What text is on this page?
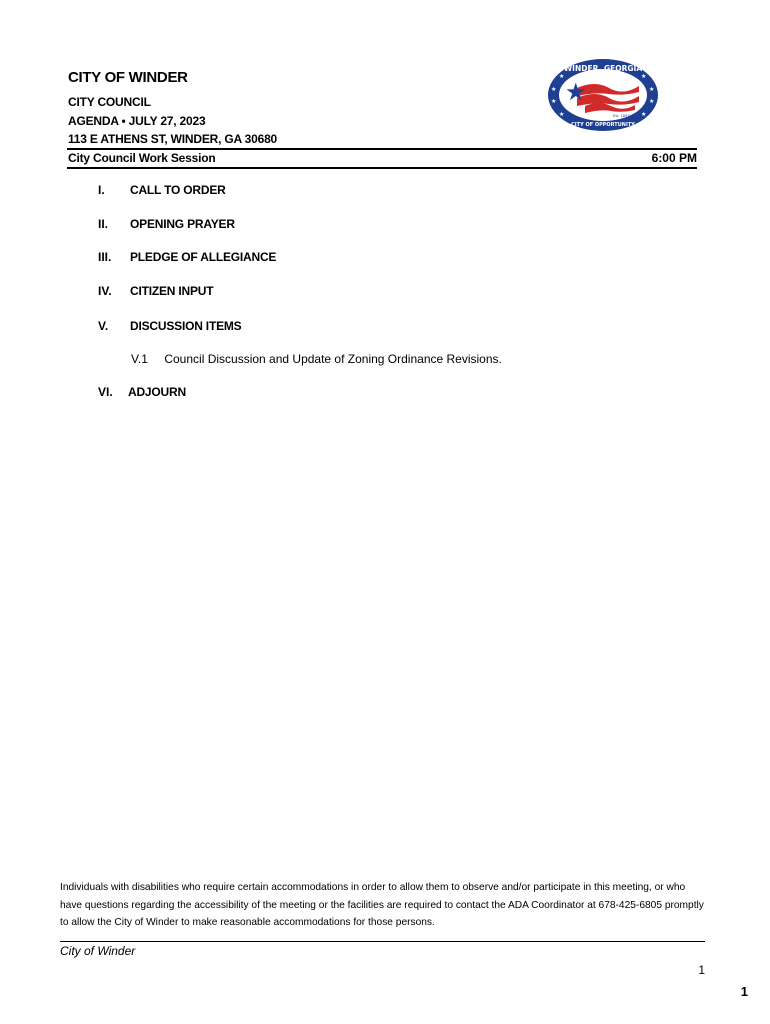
CITY OF WINDER
CITY COUNCIL
AGENDA • JULY 27, 2023
113 E ATHENS ST, WINDER, GA 30680
City Council Work Session	6:00 PM
★
★
★
★
★	★
★	★
WINDER, GEORGIA
CITY OF OPPORTUNITY
★
Est. 1893
I. CALL TO ORDER
II. OPENING PRAYER
III. PLEDGE OF ALLEGIANCE
IV. CITIZEN INPUT
V. DISCUSSION ITEMS
V.1 Council Discussion and Update of Zoning Ordinance Revisions.
VI. ADJOURN
Individuals with disabilities who require certain accommodations in order to allow them to observe and/or participate in this meeting, or who have questions regarding the accessibility of the meeting or the facilities are required to contact the ADA Coordinator at 678-425-6805 promptly to allow the City of Winder to make reasonable accommodations for those persons.
City of Winder
1
1
